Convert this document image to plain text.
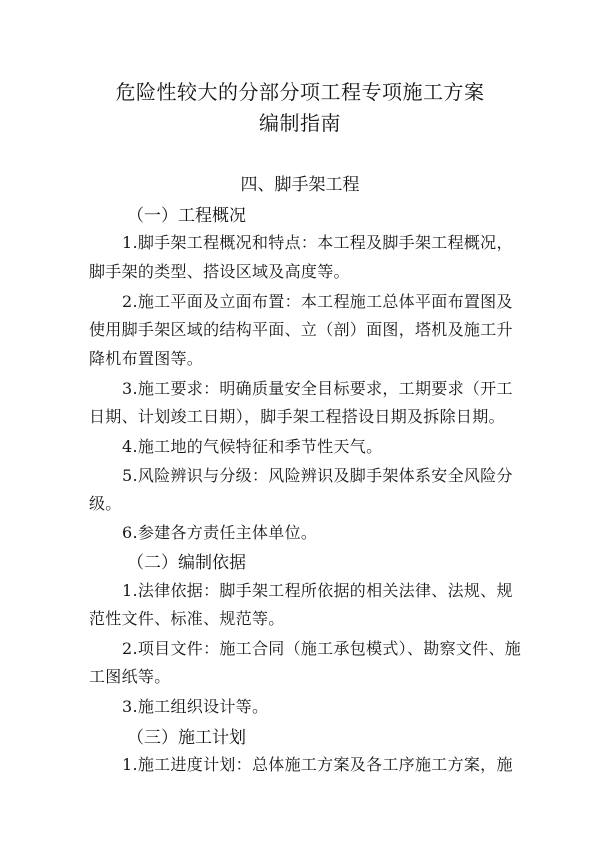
危险性较大的分部分项工程专项施工方案
编制指南
四、脚手架工程
（一）工程概况
1.脚手架工程概况和特点：本工程及脚手架工程概况，
脚手架的类型、搭设区域及高度等。
2.施工平面及立面布置：本工程施工总体平面布置图及
使用脚手架区域的结构平面、立（剖）面图，塔机及施工升
降机布置图等。
3.施工要求：明确质量安全目标要求，工期要求（开工
日期、计划竣工日期），脚手架工程搭设日期及拆除日期。
4.施工地的气候特征和季节性天气。
5.风险辨识与分级：风险辨识及脚手架体系安全风险分
级。
6.参建各方责任主体单位。
（二）编制依据
1.法律依据：脚手架工程所依据的相关法律、法规、规
范性文件、标准、规范等。
2.项目文件：施工合同（施工承包模式）、勘察文件、施
工图纸等。
3.施工组织设计等。
（三）施工计划
1.施工进度计划：总体施工方案及各工序施工方案，施
